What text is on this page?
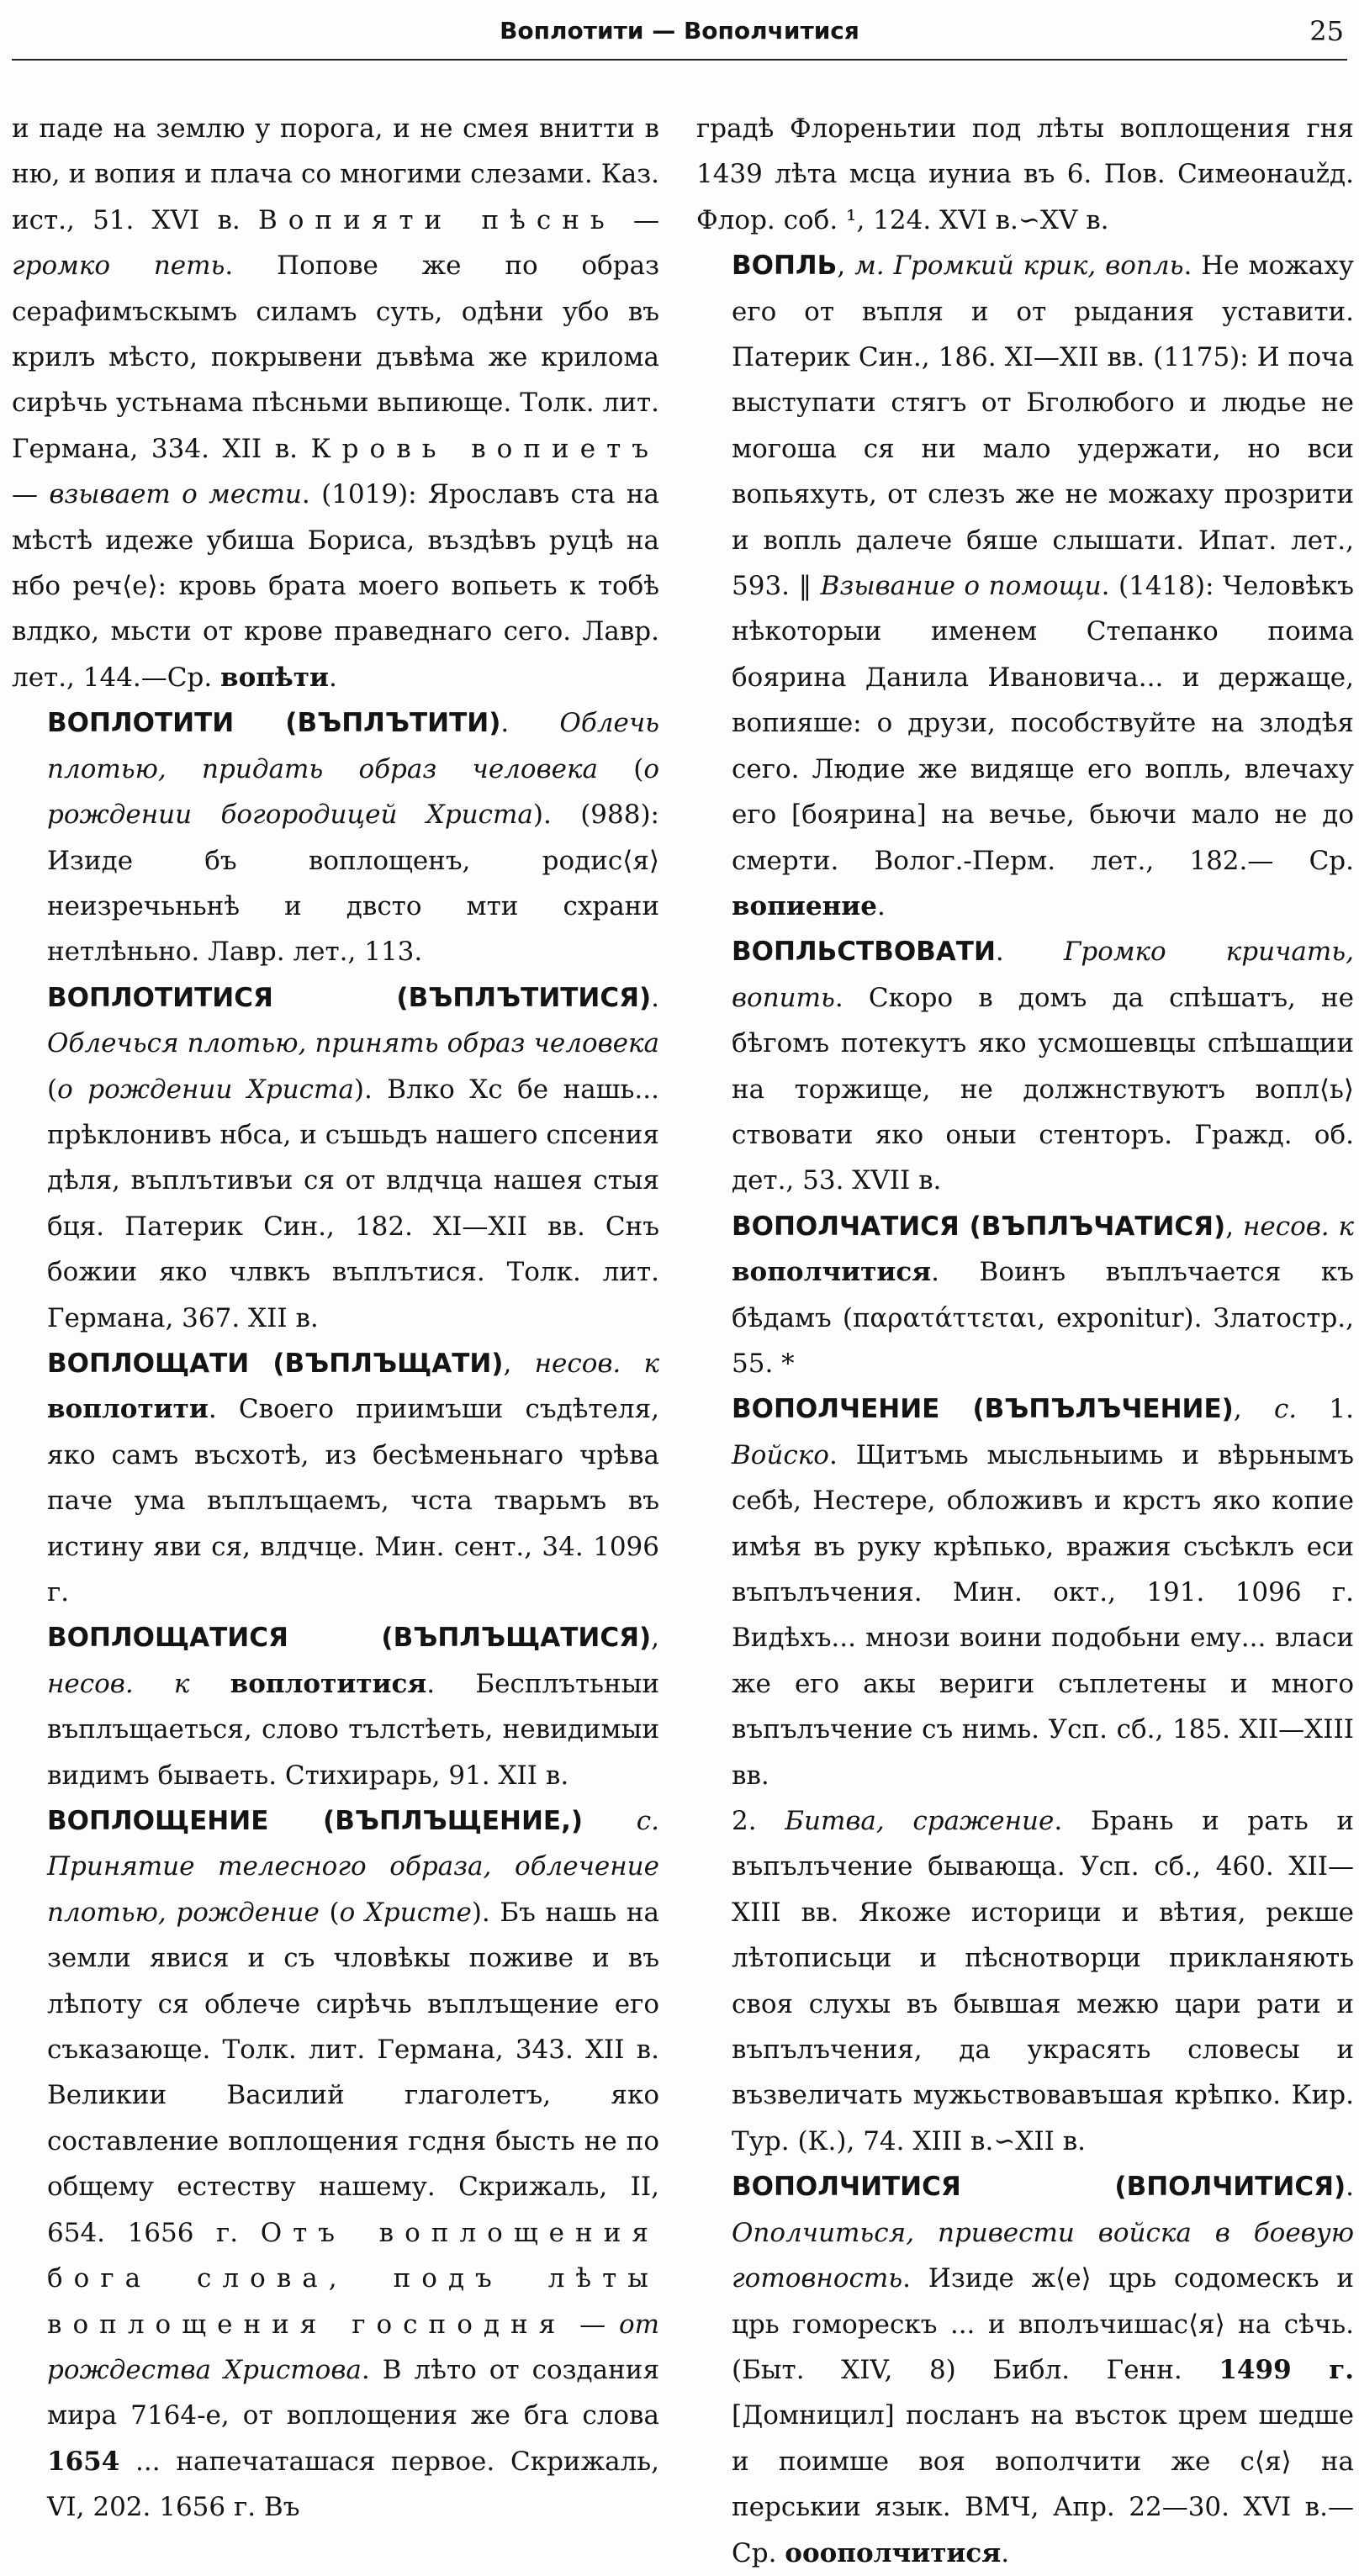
Воплотити — Вополчитися	25

и паде на землю у порога, и не смея внитти в ню, и вопия и плача со многими слезами. Каз. ист., 51. XVI в. Вопияти пѣснь — громко петь. Попове же по образ серафимъскымъ силамъ суть, одѣни убо въ крилъ мѣсто, покрывени дъвѣма же крилома сирѣчь устьнама пѣсньми вьпиюще. Толк. лит. Германа, 334. XII в. Кровь вопиетъ — взывает о мести. (1019): Ярославъ ста на мѣстѣ идеже убиша Бориса, въздѣвъ руцѣ на нбо реч⟨е⟩: кровь брата моего вопьеть к тобѣ влдко, мьсти от крове праведнаго сего. Лавр. лет., 144.—Ср. вопѣти.

ВОПЛОТИТИ (ВЪПЛЪТИТИ). Облечь плотью, придать образ человека (о рождении богородицей Христа). (988): Изиде бъ воплощенъ, родис⟨я⟩ неизречьньнѣ и двсто мти схрани нетлѣньно. Лавр. лет., 113.

ВОПЛОТИТИСЯ (ВЪПЛЪТИТИСЯ). Облечься плотью, принять образ человека (о рождении Христа). Влко Хс бе нашь... прѣклонивъ нбса, и съшьдъ нашего спсения дѣля, въплътивъи ся от влдчца нашея стыя бця. Патерик Син., 182. XI—XII вв. Снъ божии яко члвкъ въплътися. Толк. лит. Германа, 367. XII в.

ВОПЛОЩАТИ (ВЪПЛЪЩАТИ), несов. к воплотити. Своего приимъши съдѣтеля, яко самъ въсхотѣ, из бесѣменьнаго чрѣва паче ума въплъщаемъ, чста тварьмъ въ истину яви ся, влдчце. Мин. сент., 34. 1096 г.

ВОПЛОЩАТИСЯ (ВЪПЛЪЩАТИСЯ), несов. к воплотитися. Бесплътьныи въплъщаеться, слово тълстѣеть, невидимыи видимъ бываеть. Стихирарь, 91. XII в.

ВОПЛОЩЕНИЕ (ВЪПЛЪЩЕНИЕ,) с. Принятие телесного образа, облечение плотью, рождение (о Христе). Бъ нашь на земли явися и съ чловѣкы поживе и въ лѣпоту ся облече сирѣчь въплъщение его съказающе. Толк. лит. Германа, 343. XII в. Великии Василий глаголетъ, яко составление воплощения гсдня бысть не по общему естеству нашему. Скрижаль, II, 654. 1656 г. Отъ воплощения бога слова, подъ лѣты воплощения господня — от рождества Христова. В лѣто от создания мира 7164-е, от воплощения же бга слова 1654 ... напечаташася первое. Скрижаль, VI, 202. 1656 г. Въ

градѣ Флореньтии под лѣты воплощения гня 1439 лѣта мсца иуниа въ 6. Пов. Симеонаužд. Флор. соб. ¹, 124. XVI в.∽XV в.

ВОПЛЬ, м. Громкий крик, вопль. Не можаху его от въпля и от рыдания уставити. Патерик Син., 186. XI—XII вв. (1175): И поча выступати стягъ от Бголюбого и людье не могоша ся ни мало удержати, но вси вопьяхуть, от слезъ же не можаху прозрити и вопль далече бяше слышати. Ипат. лет., 593. ‖ Взывание о помощи. (1418): Человѣкъ нѣкоторыи именем Степанко поима боярина Данила Ивановича... и держаще, вопияше: о друзи, пособствуйте на злодѣя сего. Людие же видяще его вопль, влечаху его [боярина] на вечье, бьючи мало не до смерти. Волог.-Перм. лет., 182.— Ср. вопиение.

ВОПЛЬСТВОВАТИ. Громко кричать, вопить. Скоро в домъ да спѣшатъ, не бѣгомъ потекутъ яко усмошевцы спѣшащии на торжище, не должнствуютъ вопл⟨ь⟩ствовати яко оныи стенторъ. Гражд. об. дет., 53. XVII в.

ВОПОЛЧАТИСЯ (ВЪПЛЪЧАТИСЯ), несов. к вополчитися. Воинъ въплъчается къ бѣдамъ (παρατάττεται, exponitur). Златостр., 55. *

ВОПОЛЧЕНИЕ (ВЪПЪЛЪЧЕНИЕ), с. 1. Войско. Щитъмь мысльныимь и вѣрьнымъ себѣ, Нестере, обложивъ и крстъ яко копие имѣя въ руку крѣпько, вражия съсѣклъ еси въпълъчения. Мин. окт., 191. 1096 г. Видѣхъ... мнози воини подобьни ему... власи же его акы вериги съплетены и много въпълъчение съ нимь. Усп. сб., 185. XII—XIII вв.

2. Битва, сражение. Брань и рать и въпълъчение бывающа. Усп. сб., 460. XII—XIII вв. Якоже историци и вѣтия, рекше лѣтописьци и пѣснотворци прикланяють своя слухы въ бывшая межю цари рати и въпълъчения, да украсять словесы и възвеличать мужьствовавъшая крѣпко. Кир. Тур. (К.), 74. XIII в.∽XII в.

ВОПОЛЧИТИСЯ (ВПОЛЧИТИСЯ). Ополчиться, привести войска в боевую готовность. Изиде ж⟨е⟩ црь содомескъ и црь гоморескъ ... и вполъчишас⟨я⟩ на сѣчь. (Быт. XIV, 8) Библ. Генн. 1499 г. [Домницил] посланъ на въсток црем шедше и поимше воя вополчити же с⟨я⟩ на перськии язык. ВМЧ, Апр. 22—30. XVI в.— Ср. ооополчитися.
